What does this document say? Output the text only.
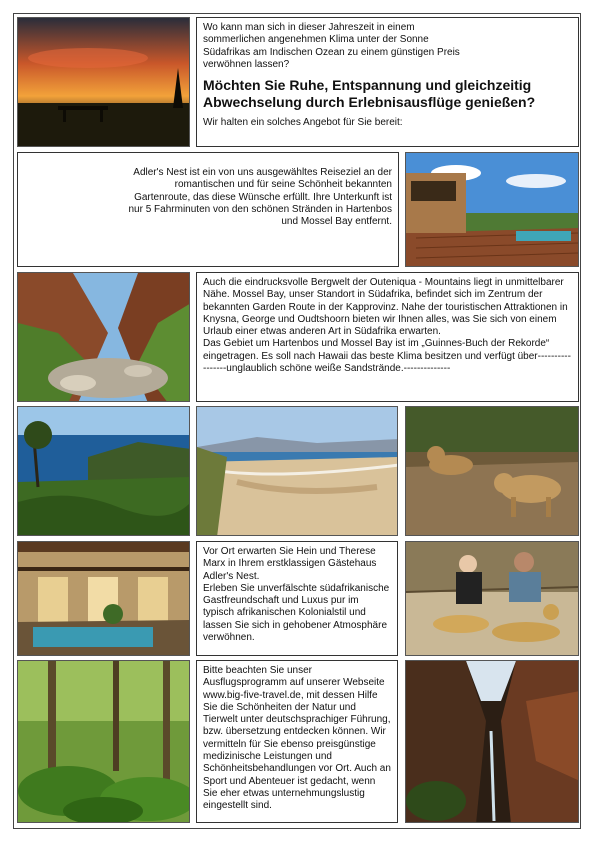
Wo kann man sich in dieser Jahreszeit in einem sommerlichen angenehmen Klima unter der Sonne Südafrikas am Indischen Ozean zu einem günstigen Preis verwöhnen lassen?
Möchten Sie Ruhe, Entspannung und gleichzeitig Abwechselung durch Erlebnisausflüge genießen?
Wir halten ein solches Angebot für Sie bereit:
Adler's Nest ist ein von uns ausgewähltes Reiseziel an der romantischen und für seine Schönheit bekannten Gartenroute, das diese Wünsche erfüllt. Ihre Unterkunft ist nur 5 Fahrminuten von den schönen Stränden in Hartenbos und Mossel Bay entfernt.

Auch die eindrucksvolle Bergwelt der Outeniqua - Mountains liegt in unmittelbarer Nähe. Mossel Bay, unser Standort in Südafrika, befindet sich im Zentrum der bekannten Garden Route in der Kapprovinz. Nahe der touristischen Attraktionen in Knysna, George und Oudtshoorn bieten wir Ihnen alles, was Sie sich von einem Urlaub einer etwas anderen Art in Südafrika erwarten.

Das Gebiet um Hartenbos und Mossel Bay ist im „Guinnes-Buch der Rekorde“ eingetragen. Es soll nach Hawaii das beste Klima besitzen und verfügt über-----------------unglaublich schöne weiße Sandstrände.--------------

Vor Ort erwarten Sie Hein und Therese Marx in Ihrem erstklassigen Gästehaus Adler's Nest.

Erleben Sie unverfälschte südafrikanische Gastfreundschaft und Luxus pur im typisch afrikanischen Kolonialstil und lassen Sie sich in gehobener Atmosphäre verwöhnen.

Bitte beachten Sie unser Ausflugsprogramm auf unserer Webseite www.big-five-travel.de, mit dessen Hilfe Sie die Schönheiten der Natur und Tierwelt unter deutschsprachiger Führung, bzw. übersetzung entdecken können. Wir vermitteln für Sie ebenso preisgünstige medizinische Leistungen und Schönheitsbehandlungen vor Ort. Auch an Sport und Abenteuer ist gedacht, wenn Sie eher etwas unternehmungslustig eingestellt sind.
